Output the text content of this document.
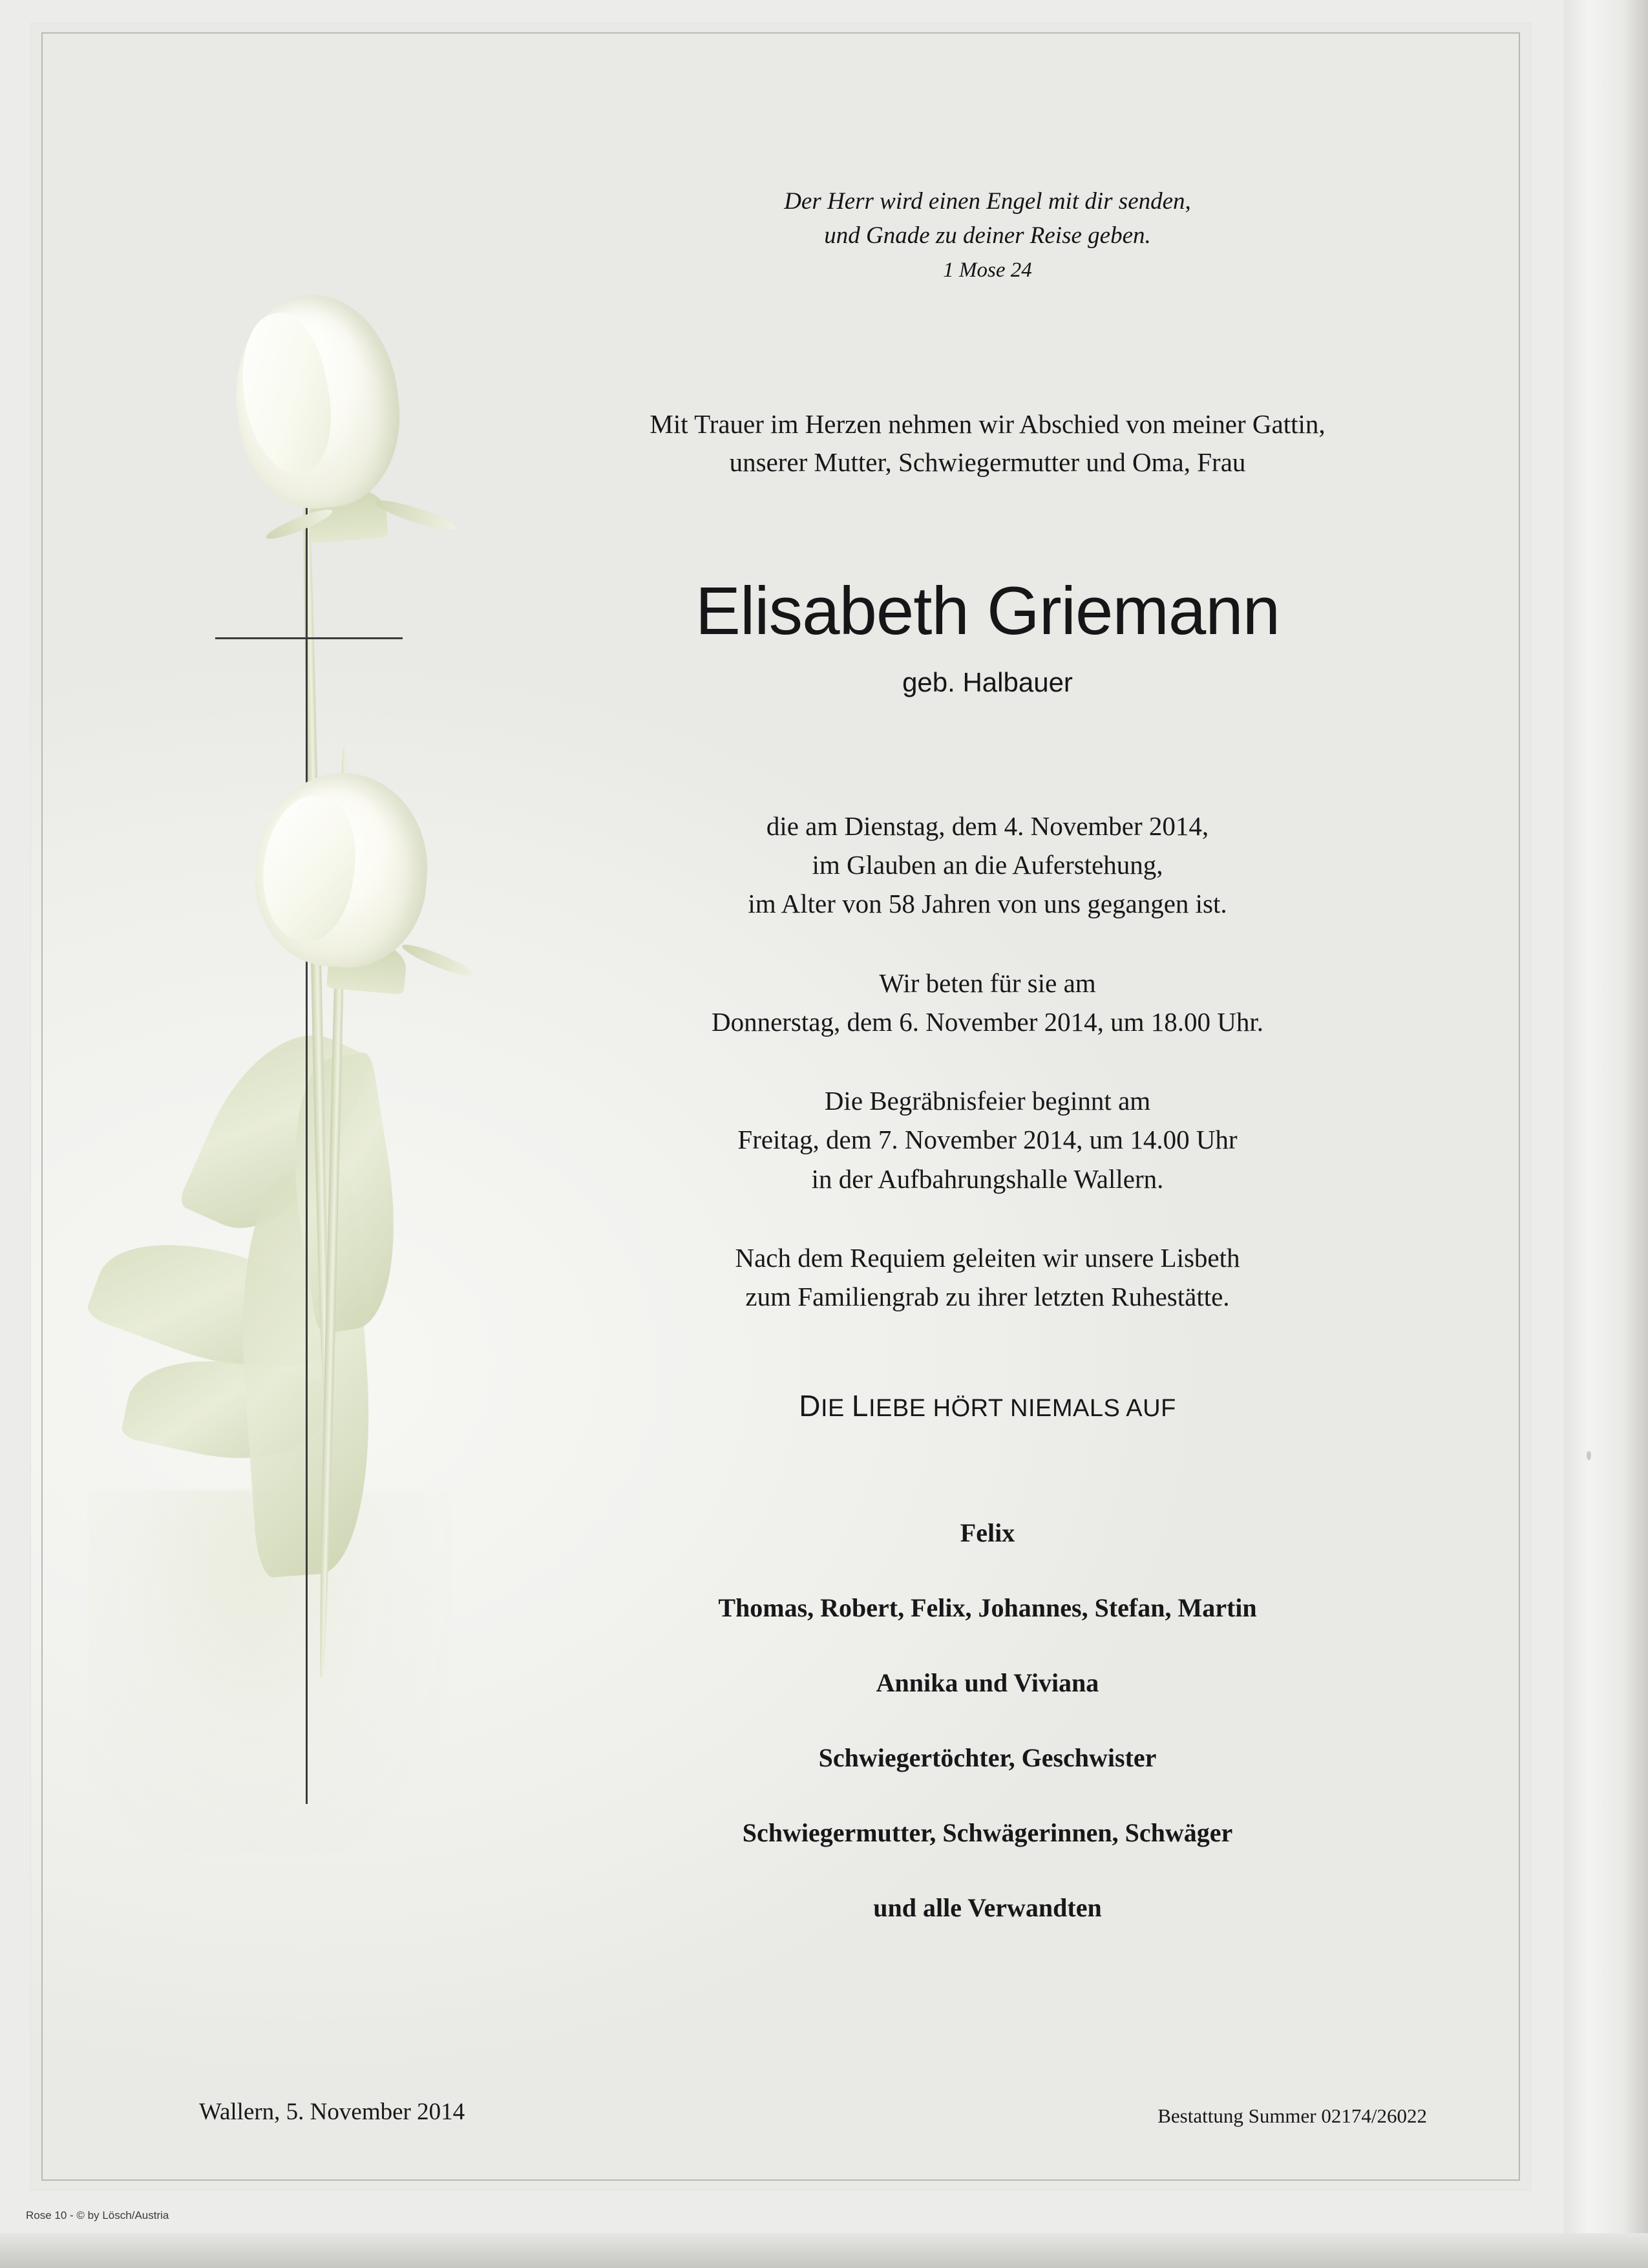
Der Herr wird einen Engel mit dir senden,
und Gnade zu deiner Reise geben.
1 Mose 24
Mit Trauer im Herzen nehmen wir Abschied von meiner Gattin,
unserer Mutter, Schwiegermutter und Oma, Frau
Elisabeth Griemann
geb. Halbauer
die am Dienstag, dem 4. November 2014,
im Glauben an die Auferstehung,
im Alter von 58 Jahren von uns gegangen ist.
Wir beten für sie am
Donnerstag, dem 6. November 2014, um 18.00 Uhr.
Die Begräbnisfeier beginnt am
Freitag, dem 7. November 2014, um 14.00 Uhr
in der Aufbahrungshalle Wallern.
Nach dem Requiem geleiten wir unsere Lisbeth
zum Familiengrab zu ihrer letzten Ruhestätte.
DIE LIEBE HÖRT NIEMALS AUF
Felix
Thomas, Robert, Felix, Johannes, Stefan, Martin
Annika und Viviana
Schwiegertöchter, Geschwister
Schwiegermutter, Schwägerinnen, Schwäger
und alle Verwandten
Wallern, 5. November 2014	Bestattung Summer 02174/26022
Rose 10 - © by Lösch/Austria
